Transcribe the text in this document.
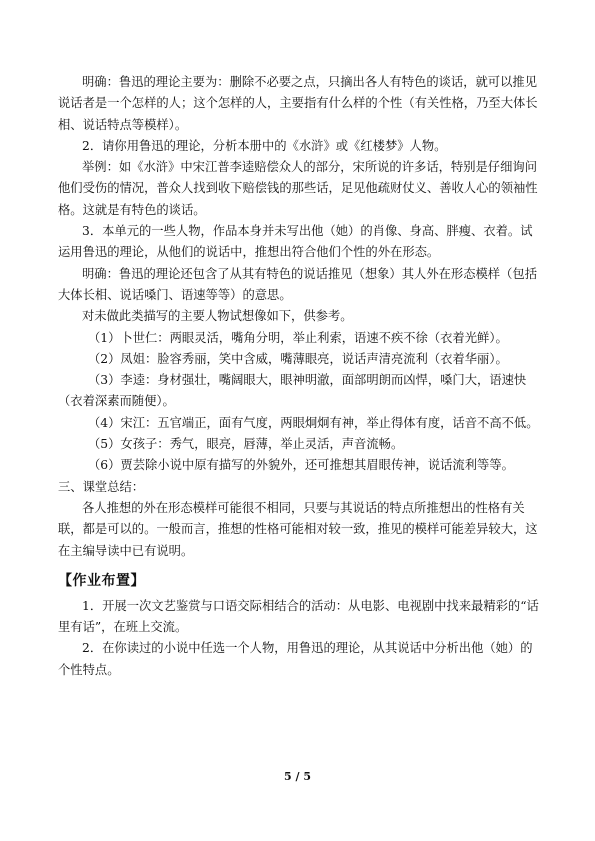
明确：鲁迅的理论主要为：删除不必要之点，只摘出各人有特色的谈话，就可以推见说话者是一个怎样的人；这个怎样的人，主要指有什么样的个性（有关性格，乃至大体长相、说话特点等模样）。

2．请你用鲁迅的理论，分析本册中的《水浒》或《红楼梦》人物。

举例：如《水浒》中宋江普李逵赔偿众人的部分，宋所说的许多话，特别是仔细询问他们受伤的情况，普众人找到收下赔偿钱的那些话，足见他疏财仗义、善收人心的领袖性格。这就是有特色的谈话。

3．本单元的一些人物，作品本身并未写出他（她）的肖像、身高、胖瘦、衣着。试运用鲁迅的理论，从他们的说话中，推想出符合他们个性的外在形态。

明确：鲁迅的理论还包含了从其有特色的说话推见（想象）其人外在形态模样（包括大体长相、说话嗓门、语速等等）的意思。

对未做此类描写的主要人物试想像如下，供参考。

（1）卜世仁：两眼灵活，嘴角分明，举止利索，语速不疾不徐（衣着光鲜）。

（2）凤姐：脸容秀丽，笑中含威，嘴薄眼亮，说话声清亮流利（衣着华丽）。

（3）李逵：身材强壮，嘴阔眼大，眼神明澈，面部明朗而凶悍，嗓门大，语速快（衣着深素而随便）。

（4）宋江：五官端正，面有气度，两眼炯炯有神，举止得体有度，话音不高不低。

（5）女孩子：秀气，眼亮，唇薄，举止灵活，声音流畅。

（6）贾芸除小说中原有描写的外貌外，还可推想其眉眼传神，说话流利等等。

三、课堂总结：

各人推想的外在形态模样可能很不相同，只要与其说话的特点所推想出的性格有关联，都是可以的。一般而言，推想的性格可能相对较一致，推见的模样可能差异较大，这在主编导读中已有说明。

【作业布置】

1．开展一次文艺鉴赏与口语交际相结合的活动：从电影、电视剧中找来最精彩的“话里有话”，在班上交流。

2．在你读过的小说中任选一个人物，用鲁迅的理论，从其说话中分析出他（她）的个性特点。

5 / 5
